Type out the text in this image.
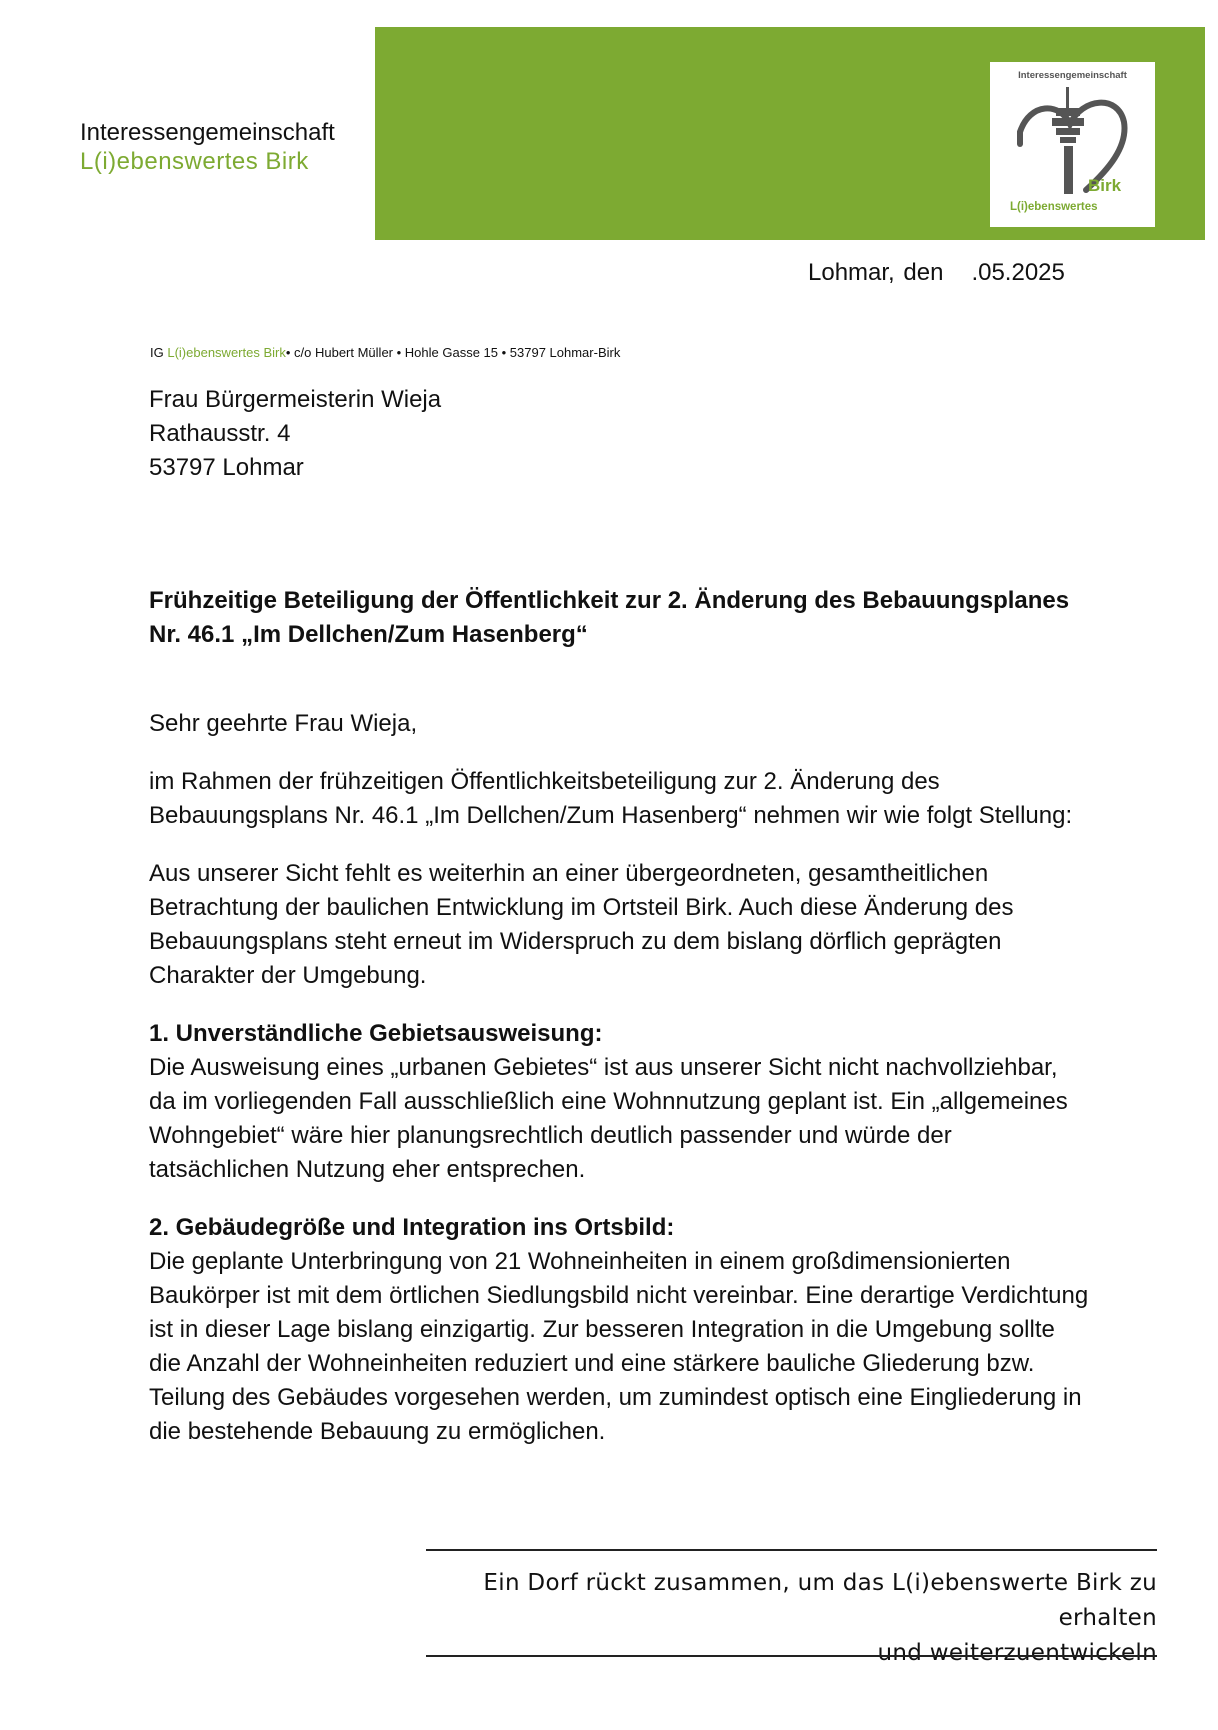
Interessengemeinschaft
Birk
L(i)ebenswertes
Interessengemeinschaft
L(i)ebenswertes Birk
Lohmar, den .05.2025
IG L(i)ebenswertes Birk• c/o Hubert Müller • Hohle Gasse 15 • 53797 Lohmar-Birk
Frau Bürgermeisterin Wieja
Rathausstr. 4
53797 Lohmar
Frühzeitige Beteiligung der Öffentlichkeit zur 2. Änderung des Bebauungsplanes Nr. 46.1 „Im Dellchen/Zum Hasenberg“

Sehr geehrte Frau Wieja,

im Rahmen der frühzeitigen Öffentlichkeitsbeteiligung zur 2. Änderung des Bebauungsplans Nr. 46.1 „Im Dellchen/Zum Hasenberg“ nehmen wir wie folgt Stellung:

Aus unserer Sicht fehlt es weiterhin an einer übergeordneten, gesamtheitlichen Betrachtung der baulichen Entwicklung im Ortsteil Birk. Auch diese Änderung des Bebauungsplans steht erneut im Widerspruch zu dem bislang dörflich geprägten Charakter der Umgebung.

1. Unverständliche Gebietsausweisung:

Die Ausweisung eines „urbanen Gebietes“ ist aus unserer Sicht nicht nachvollziehbar, da im vorliegenden Fall ausschließlich eine Wohnnutzung geplant ist. Ein „allgemeines Wohngebiet“ wäre hier planungsrechtlich deutlich passender und würde der tatsächlichen Nutzung eher entsprechen.

2. Gebäudegröße und Integration ins Ortsbild:

Die geplante Unterbringung von 21 Wohneinheiten in einem großdimensionierten Baukörper ist mit dem örtlichen Siedlungsbild nicht vereinbar. Eine derartige Verdichtung ist in dieser Lage bislang einzigartig. Zur besseren Integration in die Umgebung sollte die Anzahl der Wohneinheiten reduziert und eine stärkere bauliche Gliederung bzw. Teilung des Gebäudes vorgesehen werden, um zumindest optisch eine Eingliederung in die bestehende Bebauung zu ermöglichen.

Ein Dorf rückt zusammen, um das L(i)ebenswerte Birk zu erhalten
und weiterzuentwickeln
